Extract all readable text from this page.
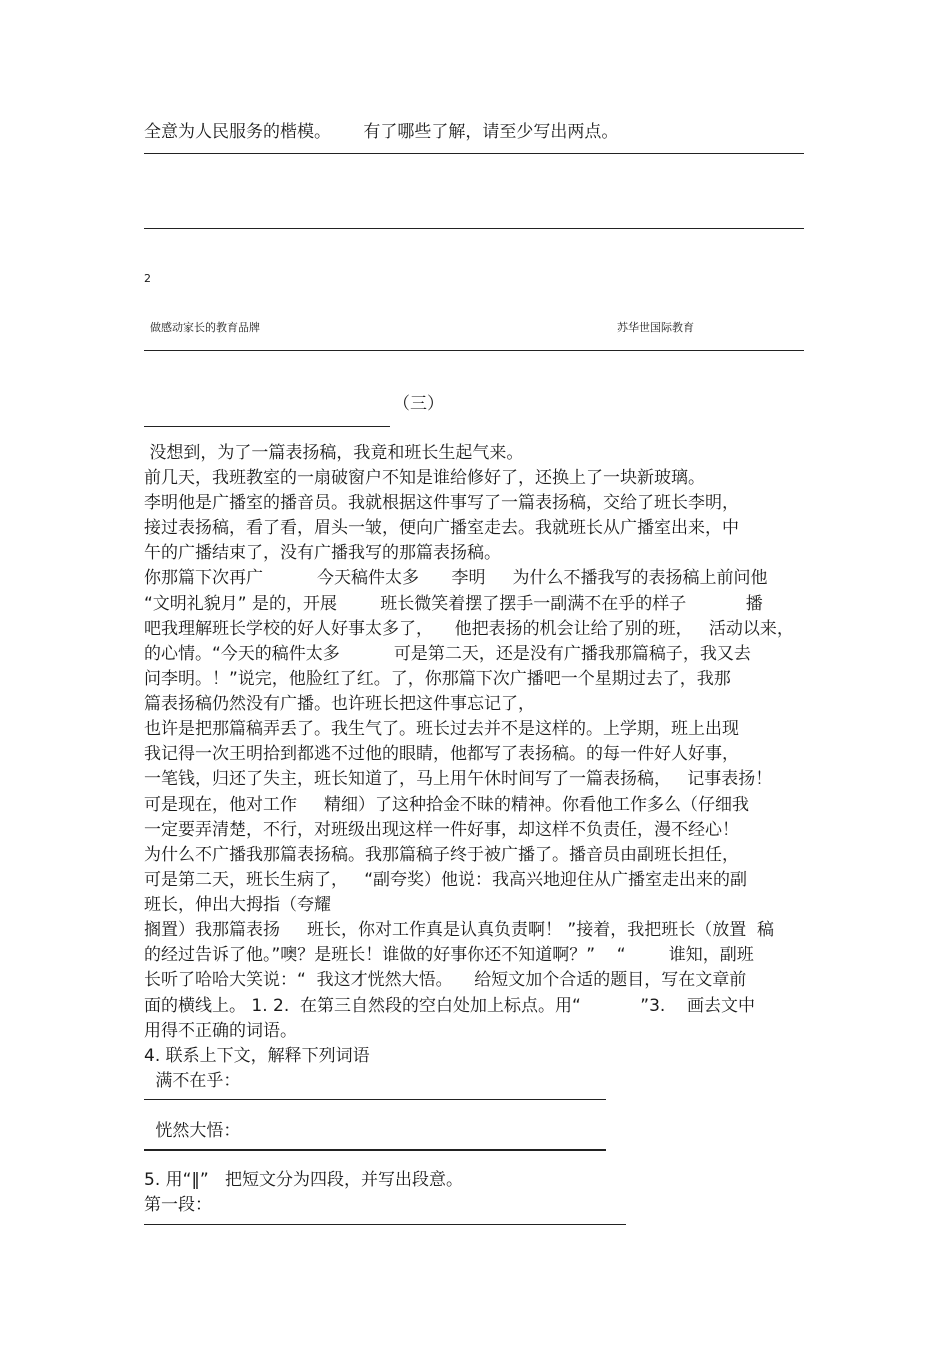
全意为人民服务的楷模。      有了哪些了解，请至少写出两点。
2
做感动家长的教育品牌	苏华世国际教育
（三）
没想到，为了一篇表扬稿，我竟和班长生起气来。
前几天，我班教室的一扇破窗户不知是谁给修好了，还换上了一块新玻璃。
李明他是广播室的播音员。我就根据这件事写了一篇表扬稿，交给了班长李明，
接过表扬稿，看了看，眉头一皱，便向广播室走去。我就班长从广播室出来，中
午的广播结束了，没有广播我写的那篇表扬稿。
你那篇下次再广          今天稿件太多      李明     为什么不播我写的表扬稿上前问他
“文明礼貌月” 是的，开展        班长微笑着摆了摆手一副满不在乎的样子           播
吧我理解班长学校的好人好事太多了，    他把表扬的机会让给了别的班，   活动以来，
的心情。“今天的稿件太多          可是第二天，还是没有广播我那篇稿子，我又去
问李明。！”说完，他脸红了红。了，你那篇下次广播吧一个星期过去了，我那
篇表扬稿仍然没有广播。也许班长把这件事忘记了，
也许是把那篇稿弄丢了。我生气了。班长过去并不是这样的。上学期，班上出现
我记得一次王明拾到都逃不过他的眼睛，他都写了表扬稿。的每一件好人好事，
一笔钱，归还了失主，班长知道了，马上用午休时间写了一篇表扬稿，   记事表扬！
可是现在，他对工作     精细）了这种拾金不昧的精神。你看他工作多么（仔细我
一定要弄清楚，不行，对班级出现这样一件好事，却这样不负责任，漫不经心！
为什么不广播我那篇表扬稿。我那篇稿子终于被广播了。播音员由副班长担任，
可是第二天，班长生病了，   “副夸奖）他说：我高兴地迎住从广播室走出来的副
班长，伸出大拇指（夸耀
搁置）我那篇表扬     班长，你对工作真是认真负责啊！ ”接着，我把班长（放置  稿
的经过告诉了他。”噢？是班长！谁做的好事你还不知道啊？”    “        谁知，副班
长听了哈哈大笑说：“  我这才恍然大悟。    给短文加个合适的题目，写在文章前
面的横线上。 1. 2.  在第三自然段的空白处加上标点。用“           ”3.    画去文中
用得不正确的词语。
4. 联系上下文，解释下列词语
满不在乎：
恍然大悟：
5. 用“‖”   把短文分为四段，并写出段意。
第一段：
